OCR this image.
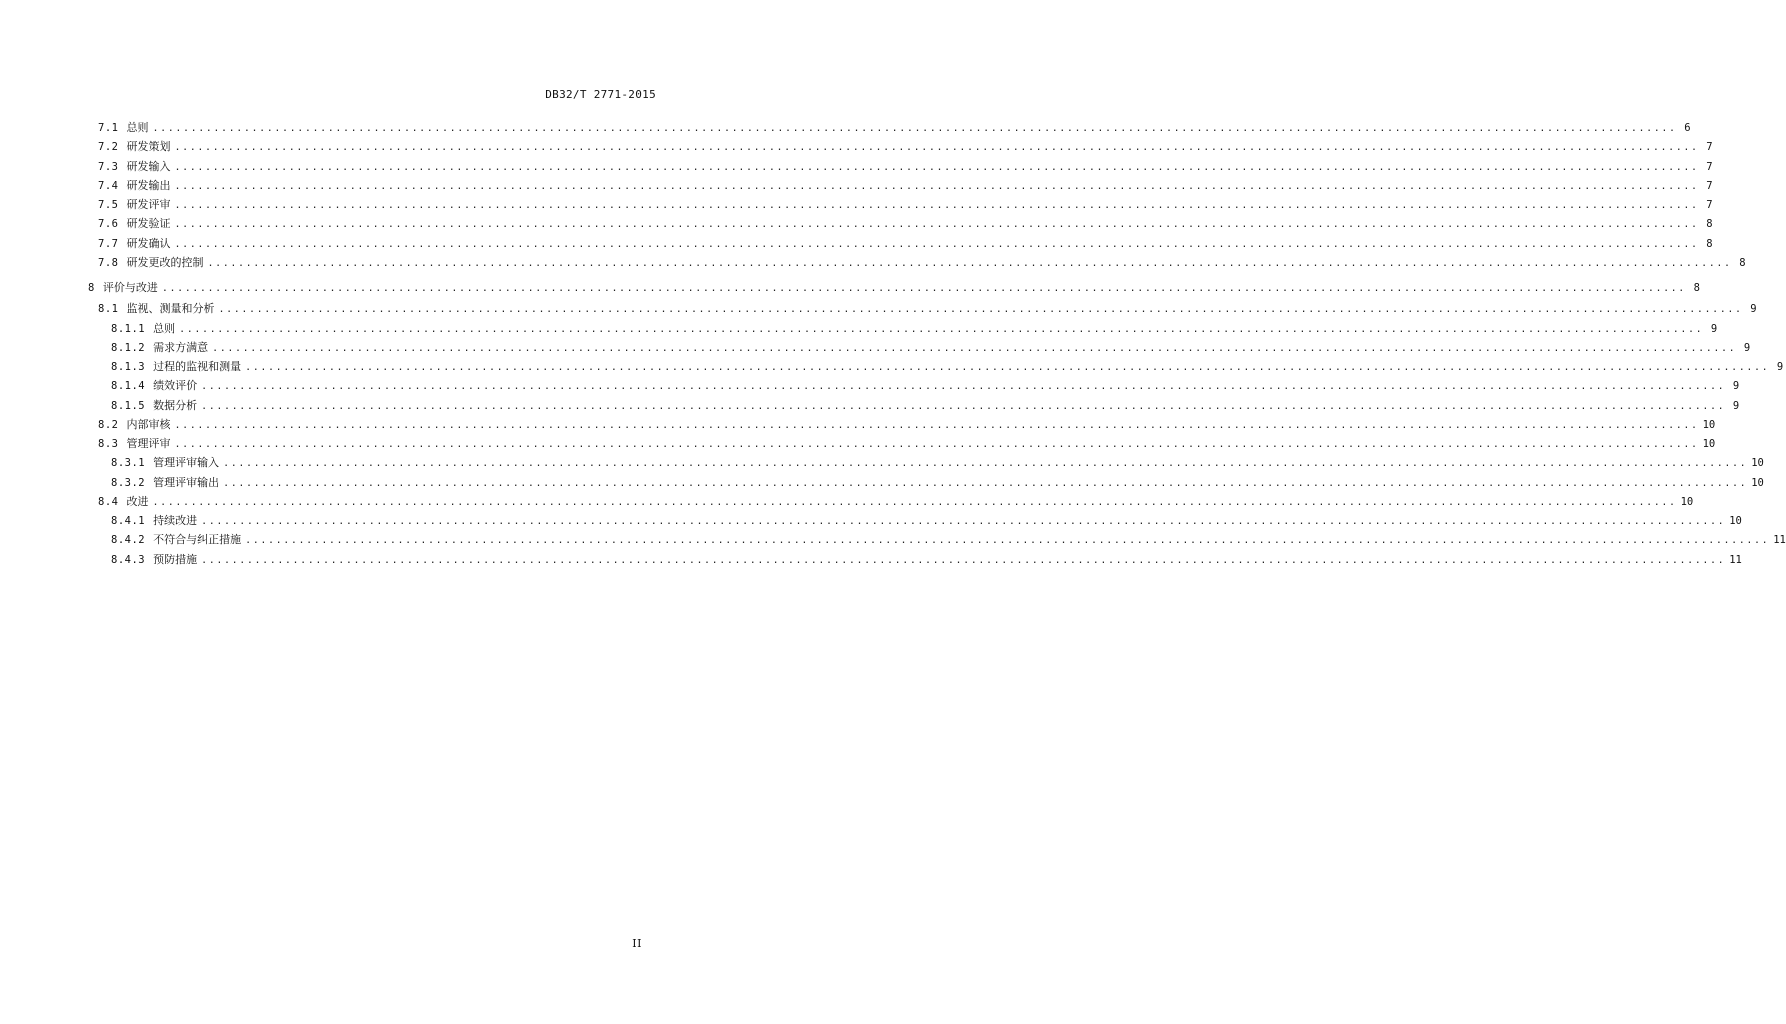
DB32/T 2771-2015
7.1 总则 ........................................................................................................................................................................................................ 6
7.2 研发策划 ........................................................................................................................................................................................................ 7
7.3 研发输入 ........................................................................................................................................................................................................ 7
7.4 研发输出 ........................................................................................................................................................................................................ 7
7.5 研发评审 ........................................................................................................................................................................................................ 7
7.6 研发验证 ........................................................................................................................................................................................................ 8
7.7 研发确认 ........................................................................................................................................................................................................ 8
7.8 研发更改的控制 ........................................................................................................................................................................................................ 8
8 评价与改进 ........................................................................................................................................................................................................ 8
8.1 监视、测量和分析 ........................................................................................................................................................................................................ 9
8.1.1 总则 ........................................................................................................................................................................................................ 9
8.1.2 需求方满意 ........................................................................................................................................................................................................ 9
8.1.3 过程的监视和测量 ........................................................................................................................................................................................................ 9
8.1.4 绩效评价 ........................................................................................................................................................................................................ 9
8.1.5 数据分析 ........................................................................................................................................................................................................ 9
8.2 内部审核 ........................................................................................................................................................................................................ 10
8.3 管理评审 ........................................................................................................................................................................................................ 10
8.3.1 管理评审输入 ........................................................................................................................................................................................................ 10
8.3.2 管理评审输出 ........................................................................................................................................................................................................ 10
8.4 改进 ........................................................................................................................................................................................................ 10
8.4.1 持续改进 ........................................................................................................................................................................................................ 10
8.4.2 不符合与纠正措施 ........................................................................................................................................................................................................ 11
8.4.3 预防措施 ........................................................................................................................................................................................................ 11
II
